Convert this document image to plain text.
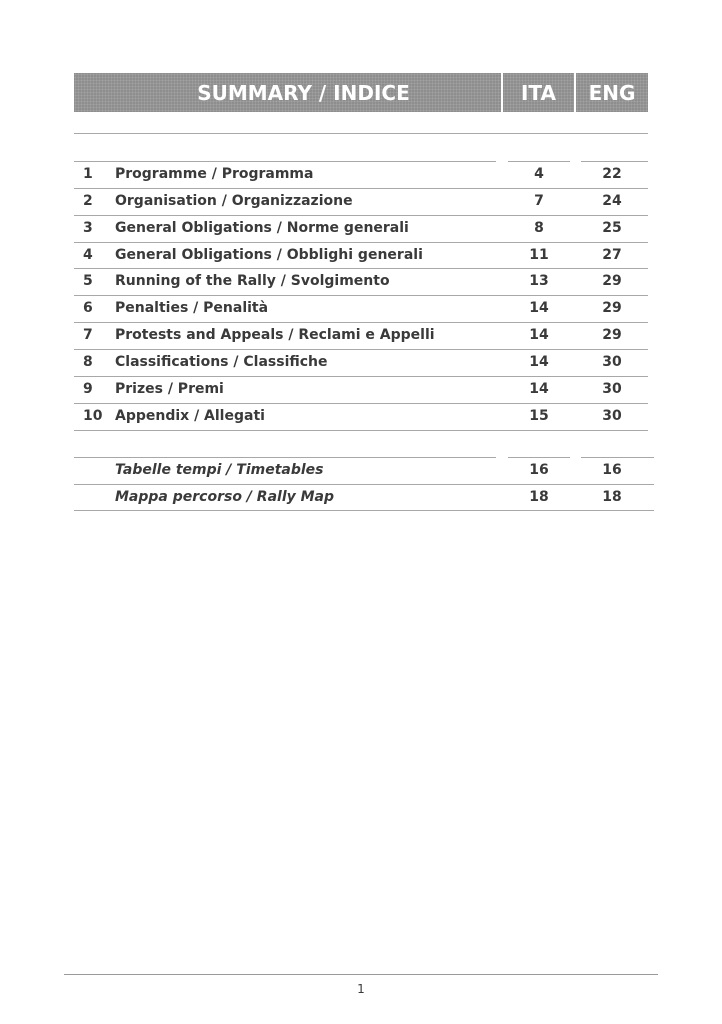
SUMMARY / INDICE	ITA	ENG
1 Programme / Programma	4	22
2 Organisation / Organizzazione	7	24
3 General Obligations / Norme generali	8	25
4 General Obligations / Obblighi generali	11	27
5 Running of the Rally / Svolgimento	13	29
6 Penalties / Penalità	14	29
7 Protests and Appeals / Reclami e Appelli	14	29
8 Classifications / Classifiche	14	30
9 Prizes / Premi	14	30
10 Appendix / Allegati	15	30
Tabelle tempi / Timetables	16	16
Mappa percorso / Rally Map	18	18
1
